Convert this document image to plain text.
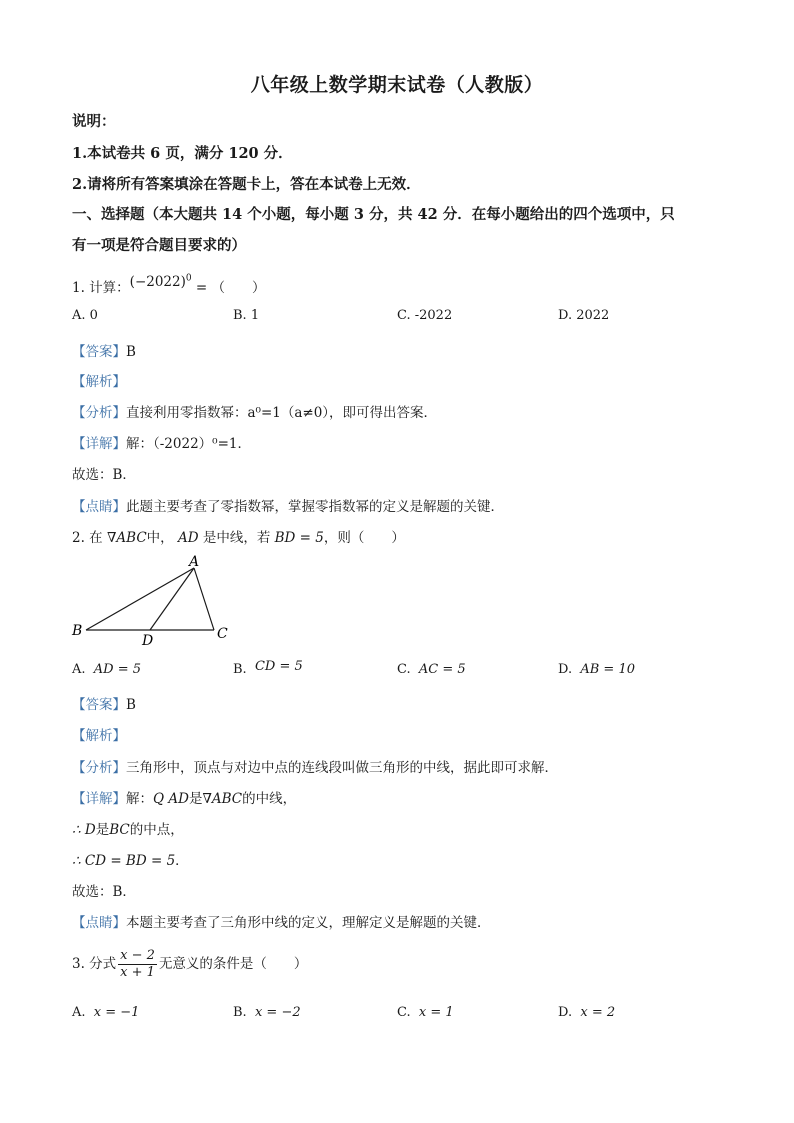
八年级上数学期末试卷（人教版）
说明：
1.本试卷共 6 页，满分 120 分．
2.请将所有答案填涂在答题卡上，答在本试卷上无效．
一、选择题（本大题共 14 个小题，每小题 3 分，共 42 分．在每小题给出的四个选项中，只
有一项是符合题目要求的）
1. 计算：$(-2022)^0$ = （　　）
A. 0	B. 1	C. -2022	D. 2022
【答案】B
【解析】
【分析】直接利用零指数幂：a⁰=1（a≠0），即可得出答案．
【详解】解：（-2022）⁰=1．
故选：B．
【点睛】此题主要考查了零指数幂，掌握零指数幂的定义是解题的关键．
2. 在 ∇ABC中， AD 是中线，若 BD = 5，则（　　）
A
B	C
D
A. AD = 5	B. CD = 5	C. AC = 5	D. AB = 10
【答案】B
【解析】
【分析】三角形中，顶点与对边中点的连线段叫做三角形的中线，据此即可求解．
【详解】解：Q AD是∇ABC的中线，
∴ D是BC的中点，
∴ CD = BD = 5．
故选：B．
【点睛】本题主要考查了三角形中线的定义，理解定义是解题的关键．
3. 分式 $\frac{x - 2}{x + 1}$ 无意义的条件是（　　）
A. x = −1	B. x = −2	C. x = 1	D. x = 2
